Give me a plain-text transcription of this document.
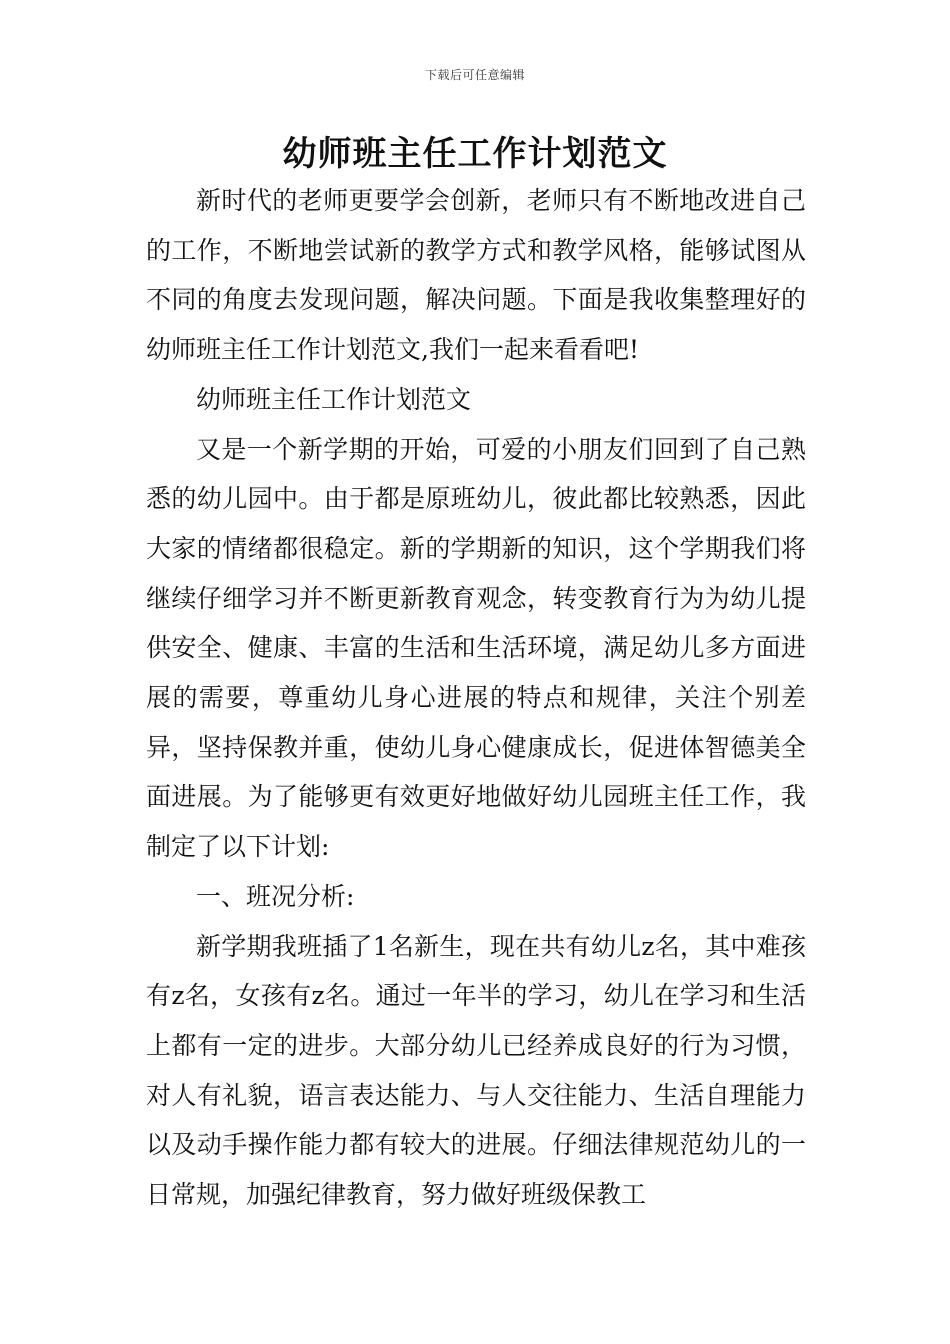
下载后可任意编辑
幼师班主任工作计划范文

新时代的老师更要学会创新，老师只有不断地改进自己的工作，不断地尝试新的教学方式和教学风格，能够试图从不同的角度去发现问题，解决问题。下面是我收集整理好的幼师班主任工作计划范文,我们一起来看看吧!

幼师班主任工作计划范文

又是一个新学期的开始，可爱的小朋友们回到了自己熟悉的幼儿园中。由于都是原班幼儿，彼此都比较熟悉，因此大家的情绪都很稳定。新的学期新的知识，这个学期我们将继续仔细学习并不断更新教育观念，转变教育行为为幼儿提供安全、健康、丰富的生活和生活环境，满足幼儿多方面进展的需要，尊重幼儿身心进展的特点和规律，关注个别差异，坚持保教并重，使幼儿身心健康成长，促进体智德美全面进展。为了能够更有效更好地做好幼儿园班主任工作，我制定了以下计划:

一、班况分析:

新学期我班插了1名新生，现在共有幼儿z名，其中难孩有z名，女孩有z名。通过一年半的学习，幼儿在学习和生活上都有一定的进步。大部分幼儿已经养成良好的行为习惯，对人有礼貌，语言表达能力、与人交往能力、生活自理能力以及动手操作能力都有较大的进展。仔细法律规范幼儿的一日常规，加强纪律教育，努力做好班级保教工
